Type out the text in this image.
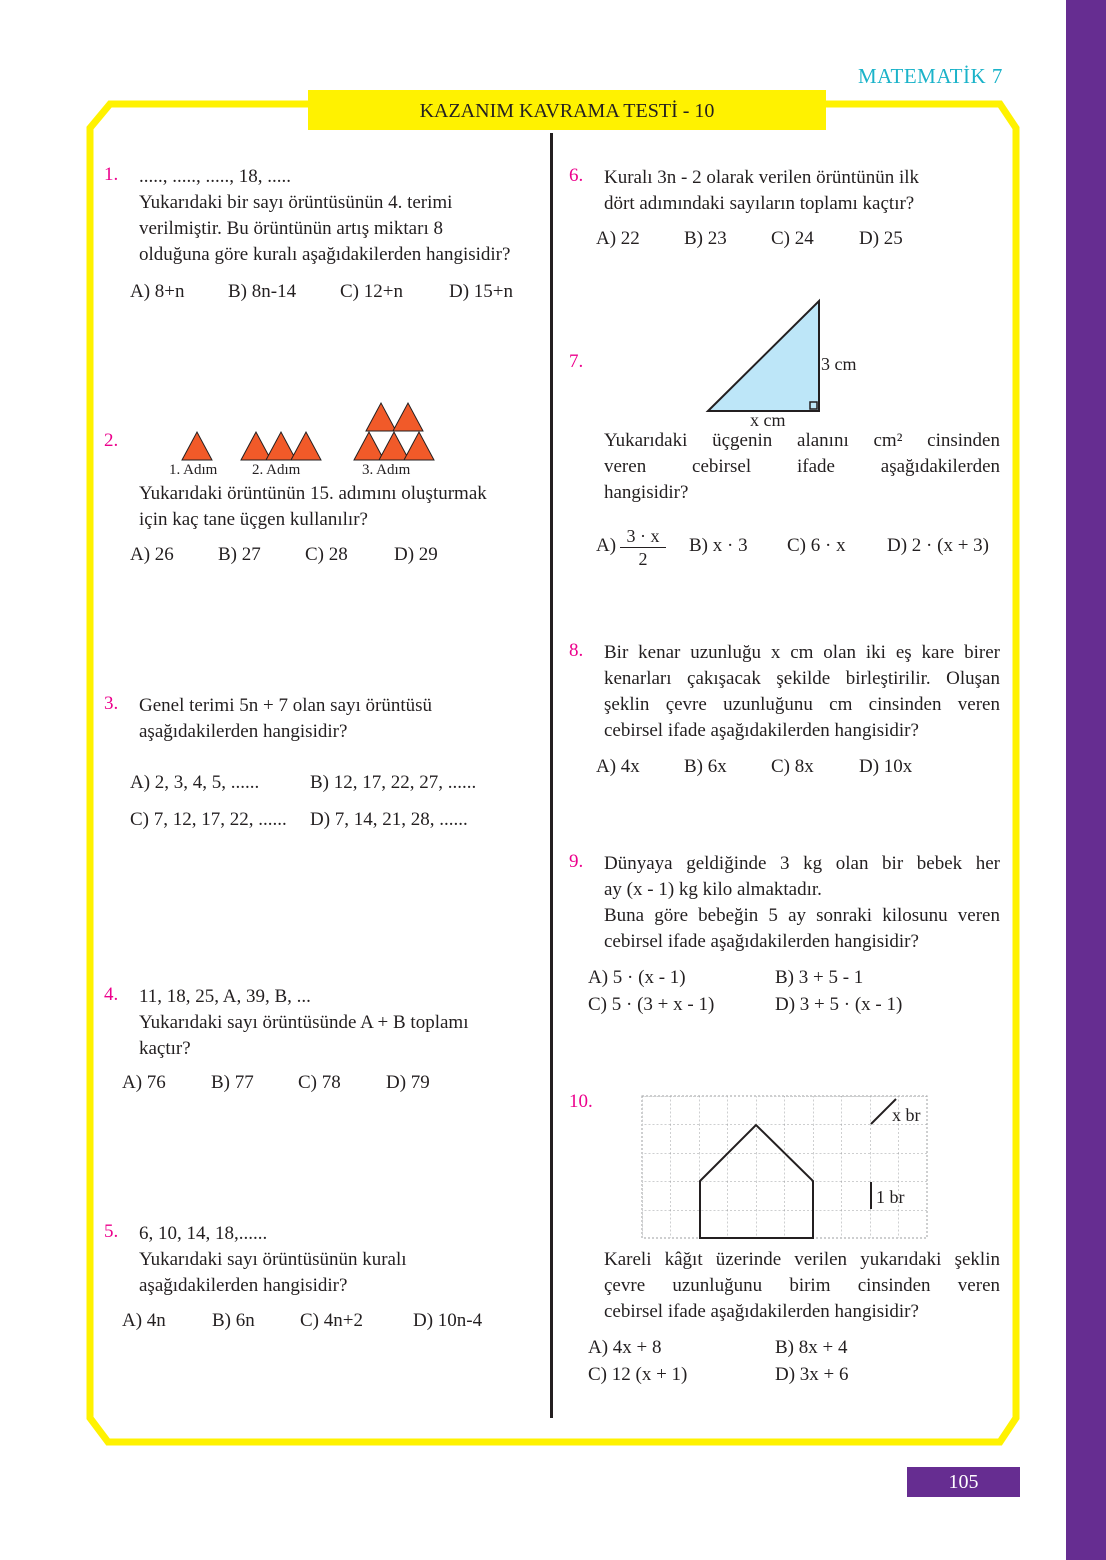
MATEMATİK 7
KAZANIM KAVRAMA TESTİ - 10
1. ....., ....., ....., 18, .....
Yukarıdaki bir sayı örüntüsünün 4. terimi
verilmiştir. Bu örüntünün artış miktarı 8
olduğuna göre kuralı aşağıdakilerden hangisidir?
A) 8+n B) 8n-14 C) 12+n D) 15+n
2.
1. Adım 2. Adım	3. Adım
Yukarıdaki örüntünün 15. adımını oluşturmak
için kaç tane üçgen kullanılır?
A) 26 B) 27 C) 28 D) 29
3. Genel terimi 5n + 7 olan sayı örüntüsü
aşağıdakilerden hangisidir?
A) 2, 3, 4, 5, ......	B) 12, 17, 22, 27, ......
C) 7, 12, 17, 22, ...... D) 7, 14, 21, 28, ......
4. 11, 18, 25, A, 39, B, ...
Yukarıdaki sayı örüntüsünde A + B toplamı
kaçtır?
A) 76 B) 77 C) 78 D) 79
5. 6, 10, 14, 18,......
Yukarıdaki sayı örüntüsünün kuralı
aşağıdakilerden hangisidir?
A) 4n B) 6n C) 4n+2	D) 10n-4
6. Kuralı 3n - 2 olarak verilen örüntünün ilk
dört adımındaki sayıların toplamı kaçtır?
A) 22 B) 23 C) 24 D) 25
7.	3 cm
x cm
Yukarıdaki üçgenin alanını cm² cinsinden
veren cebirsel ifade aşağıdakilerden
hangisidir?
$A) \frac{3 \cdot x}{2} B$) x · 3 C) 6 · x D) 2 · (x + 3)
8. Bir kenar uzunluğu x cm olan iki eş kare birer
kenarları çakışacak şekilde birleştirilir. Oluşan
şeklin çevre uzunluğunu cm cinsinden veren
cebirsel ifade aşağıdakilerden hangisidir?
A) 4x B) 6x C) 8x D) 10x
9. Dünyaya geldiğinde 3 kg olan bir bebek her
ay (x - 1) kg kilo almaktadır.
Buna göre bebeğin 5 ay sonraki kilosunu veren
cebirsel ifade aşağıdakilerden hangisidir?
A) 5 · (x - 1)	B) 3 + 5 - 1
C) 5 · (3 + x - 1)	D) 3 + 5 · (x - 1)
10.
x br
1 br
Kareli kâğıt üzerinde verilen yukarıdaki şeklin
çevre uzunluğunu birim cinsinden veren
cebirsel ifade aşağıdakilerden hangisidir?
A) 4x + 8	B) 8x + 4
C) 12 (x + 1)	D) 3x + 6
105
